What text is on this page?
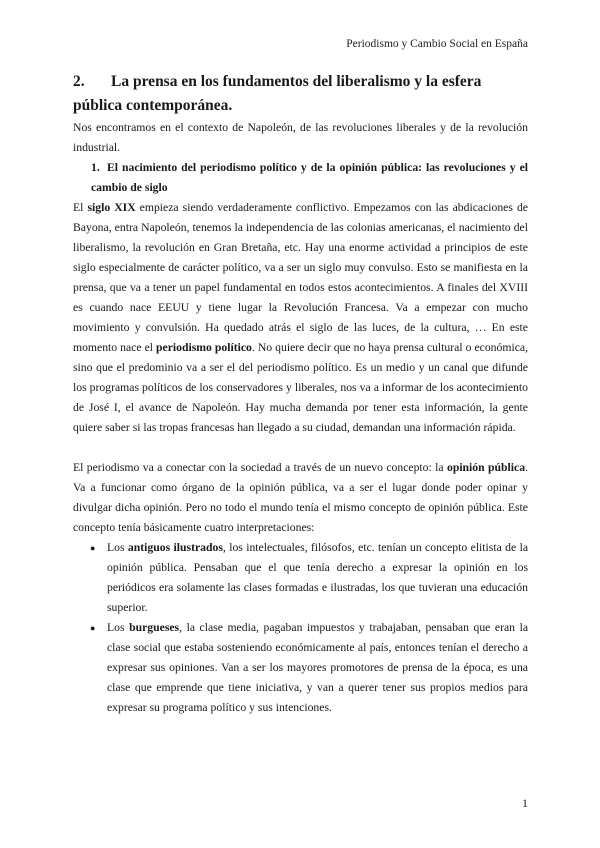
Periodismo y Cambio Social en España
2. La prensa en los fundamentos del liberalismo y la esfera pública contemporánea.

Nos encontramos en el contexto de Napoleón, de las revoluciones liberales y de la revolución industrial.

1. El nacimiento del periodismo político y de la opinión pública: las revoluciones y el cambio de siglo

El siglo XIX empieza siendo verdaderamente conflictivo. Empezamos con las abdicaciones de Bayona, entra Napoleón, tenemos la independencia de las colonias americanas, el nacimiento del liberalismo, la revolución en Gran Bretaña, etc. Hay una enorme actividad a principios de este siglo especialmente de carácter político, va a ser un siglo muy convulso. Esto se manifiesta en la prensa, que va a tener un papel fundamental en todos estos acontecimientos. A finales del XVIII es cuando nace EEUU y tiene lugar la Revolución Francesa. Va a empezar con mucho movimiento y convulsión. Ha quedado atrás el siglo de las luces, de la cultura, … En este momento nace el periodismo político. No quiere decir que no haya prensa cultural o económica, sino que el predominio va a ser el del periodismo político. Es un medio y un canal que difunde los programas políticos de los conservadores y liberales, nos va a informar de los acontecimiento de José I, el avance de Napoleón. Hay mucha demanda por tener esta información, la gente quiere saber si las tropas francesas han llegado a su ciudad, demandan una información rápida.

El periodismo va a conectar con la sociedad a través de un nuevo concepto: la opinión pública. Va a funcionar como órgano de la opinión pública, va a ser el lugar donde poder opinar y divulgar dicha opinión. Pero no todo el mundo tenía el mismo concepto de opinión pública. Este concepto tenía básicamente cuatro interpretaciones:

● Los antiguos ilustrados, los intelectuales, filósofos, etc. tenían un concepto elitista de la opinión pública. Pensaban que el que tenía derecho a expresar la opinión en los periódicos era solamente las clases formadas e ilustradas, los que tuvieran una educación superior.
● Los burgueses, la clase media, pagaban impuestos y trabajaban, pensaban que eran la clase social que estaba sosteniendo económicamente al país, entonces tenían el derecho a expresar sus opiniones. Van a ser los mayores promotores de prensa de la época, es una clase que emprende que tiene iniciativa, y van a querer tener sus propios medios para expresar su programa político y sus intenciones.
1
